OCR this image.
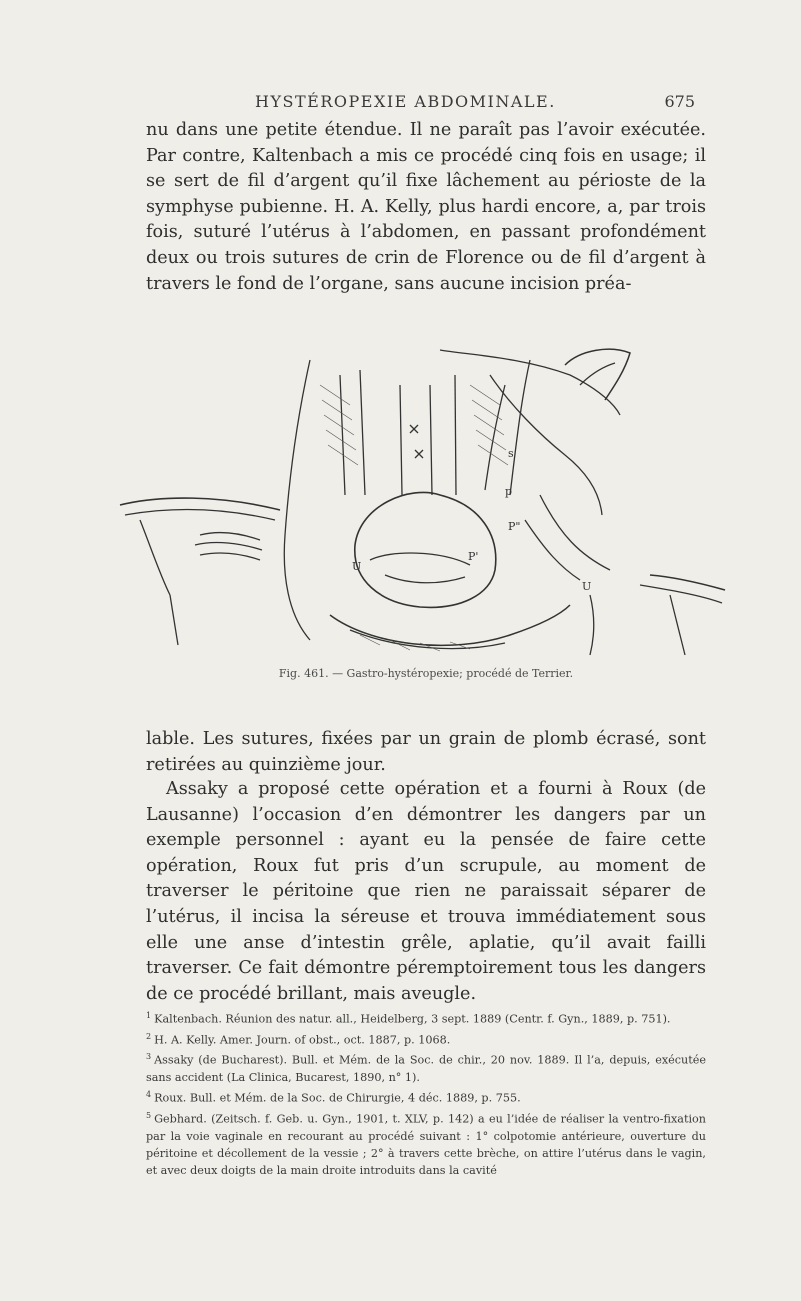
HYSTÉROPEXIE ABDOMINALE.	675

nu dans une petite étendue. Il ne paraît pas l’avoir exécutée. Par contre, Kaltenbach a mis ce procédé cinq fois en usage; il se sert de fil d’argent qu’il fixe lâchement au périoste de la symphyse pubienne. H. A. Kelly, plus hardi encore, a, par trois fois, suturé l’utérus à l’abdomen, en passant profondément deux ou trois sutures de crin de Florence ou de fil d’argent à travers le fond de l’organe, sans aucune incision préa-

s
p
P'
P"
U
U

Fig. 461. — Gastro-hystéropexie; procédé de Terrier.

lable. Les sutures, fixées par un grain de plomb écrasé, sont retirées au quinzième jour.

Assaky a proposé cette opération et a fourni à Roux (de Lausanne) l’occasion d’en démontrer les dangers par un exemple personnel : ayant eu la pensée de faire cette opération, Roux fut pris d’un scrupule, au moment de traverser le péritoine que rien ne paraissait séparer de l’utérus, il incisa la séreuse et trouva immédiatement sous elle une anse d’intestin grêle, aplatie, qu’il avait failli traverser. Ce fait démontre péremptoirement tous les dangers de ce procédé brillant, mais aveugle.

$^1$ Kaltenbach. Réunion des natur. all., Heidelberg, 3 sept. 1889 (Centr. f. Gyn., 1889, p. 751).

$^2$ H. A. Kelly. Amer. Journ. of obst., oct. 1887, p. 1068.

$^3$ Assaky (de Bucharest). Bull. et Mém. de la Soc. de chir., 20 nov. 1889. Il l’a, depuis, exécutée sans accident (La Clinica, Bucarest, 1890, n° 1).

$^4$ Roux. Bull. et Mém. de la Soc. de Chirurgie, 4 déc. 1889, p. 755.

$^5$ Gebhard. (Zeitsch. f. Geb. u. Gyn., 1901, t. XLV, p. 142) a eu l’idée de réaliser la ventro-fixation par la voie vaginale en recourant au procédé suivant : 1° colpotomie antérieure, ouverture du péritoine et décollement de la vessie ; 2° à travers cette brèche, on attire l’utérus dans le vagin, et avec deux doigts de la main droite introduits dans la cavité
